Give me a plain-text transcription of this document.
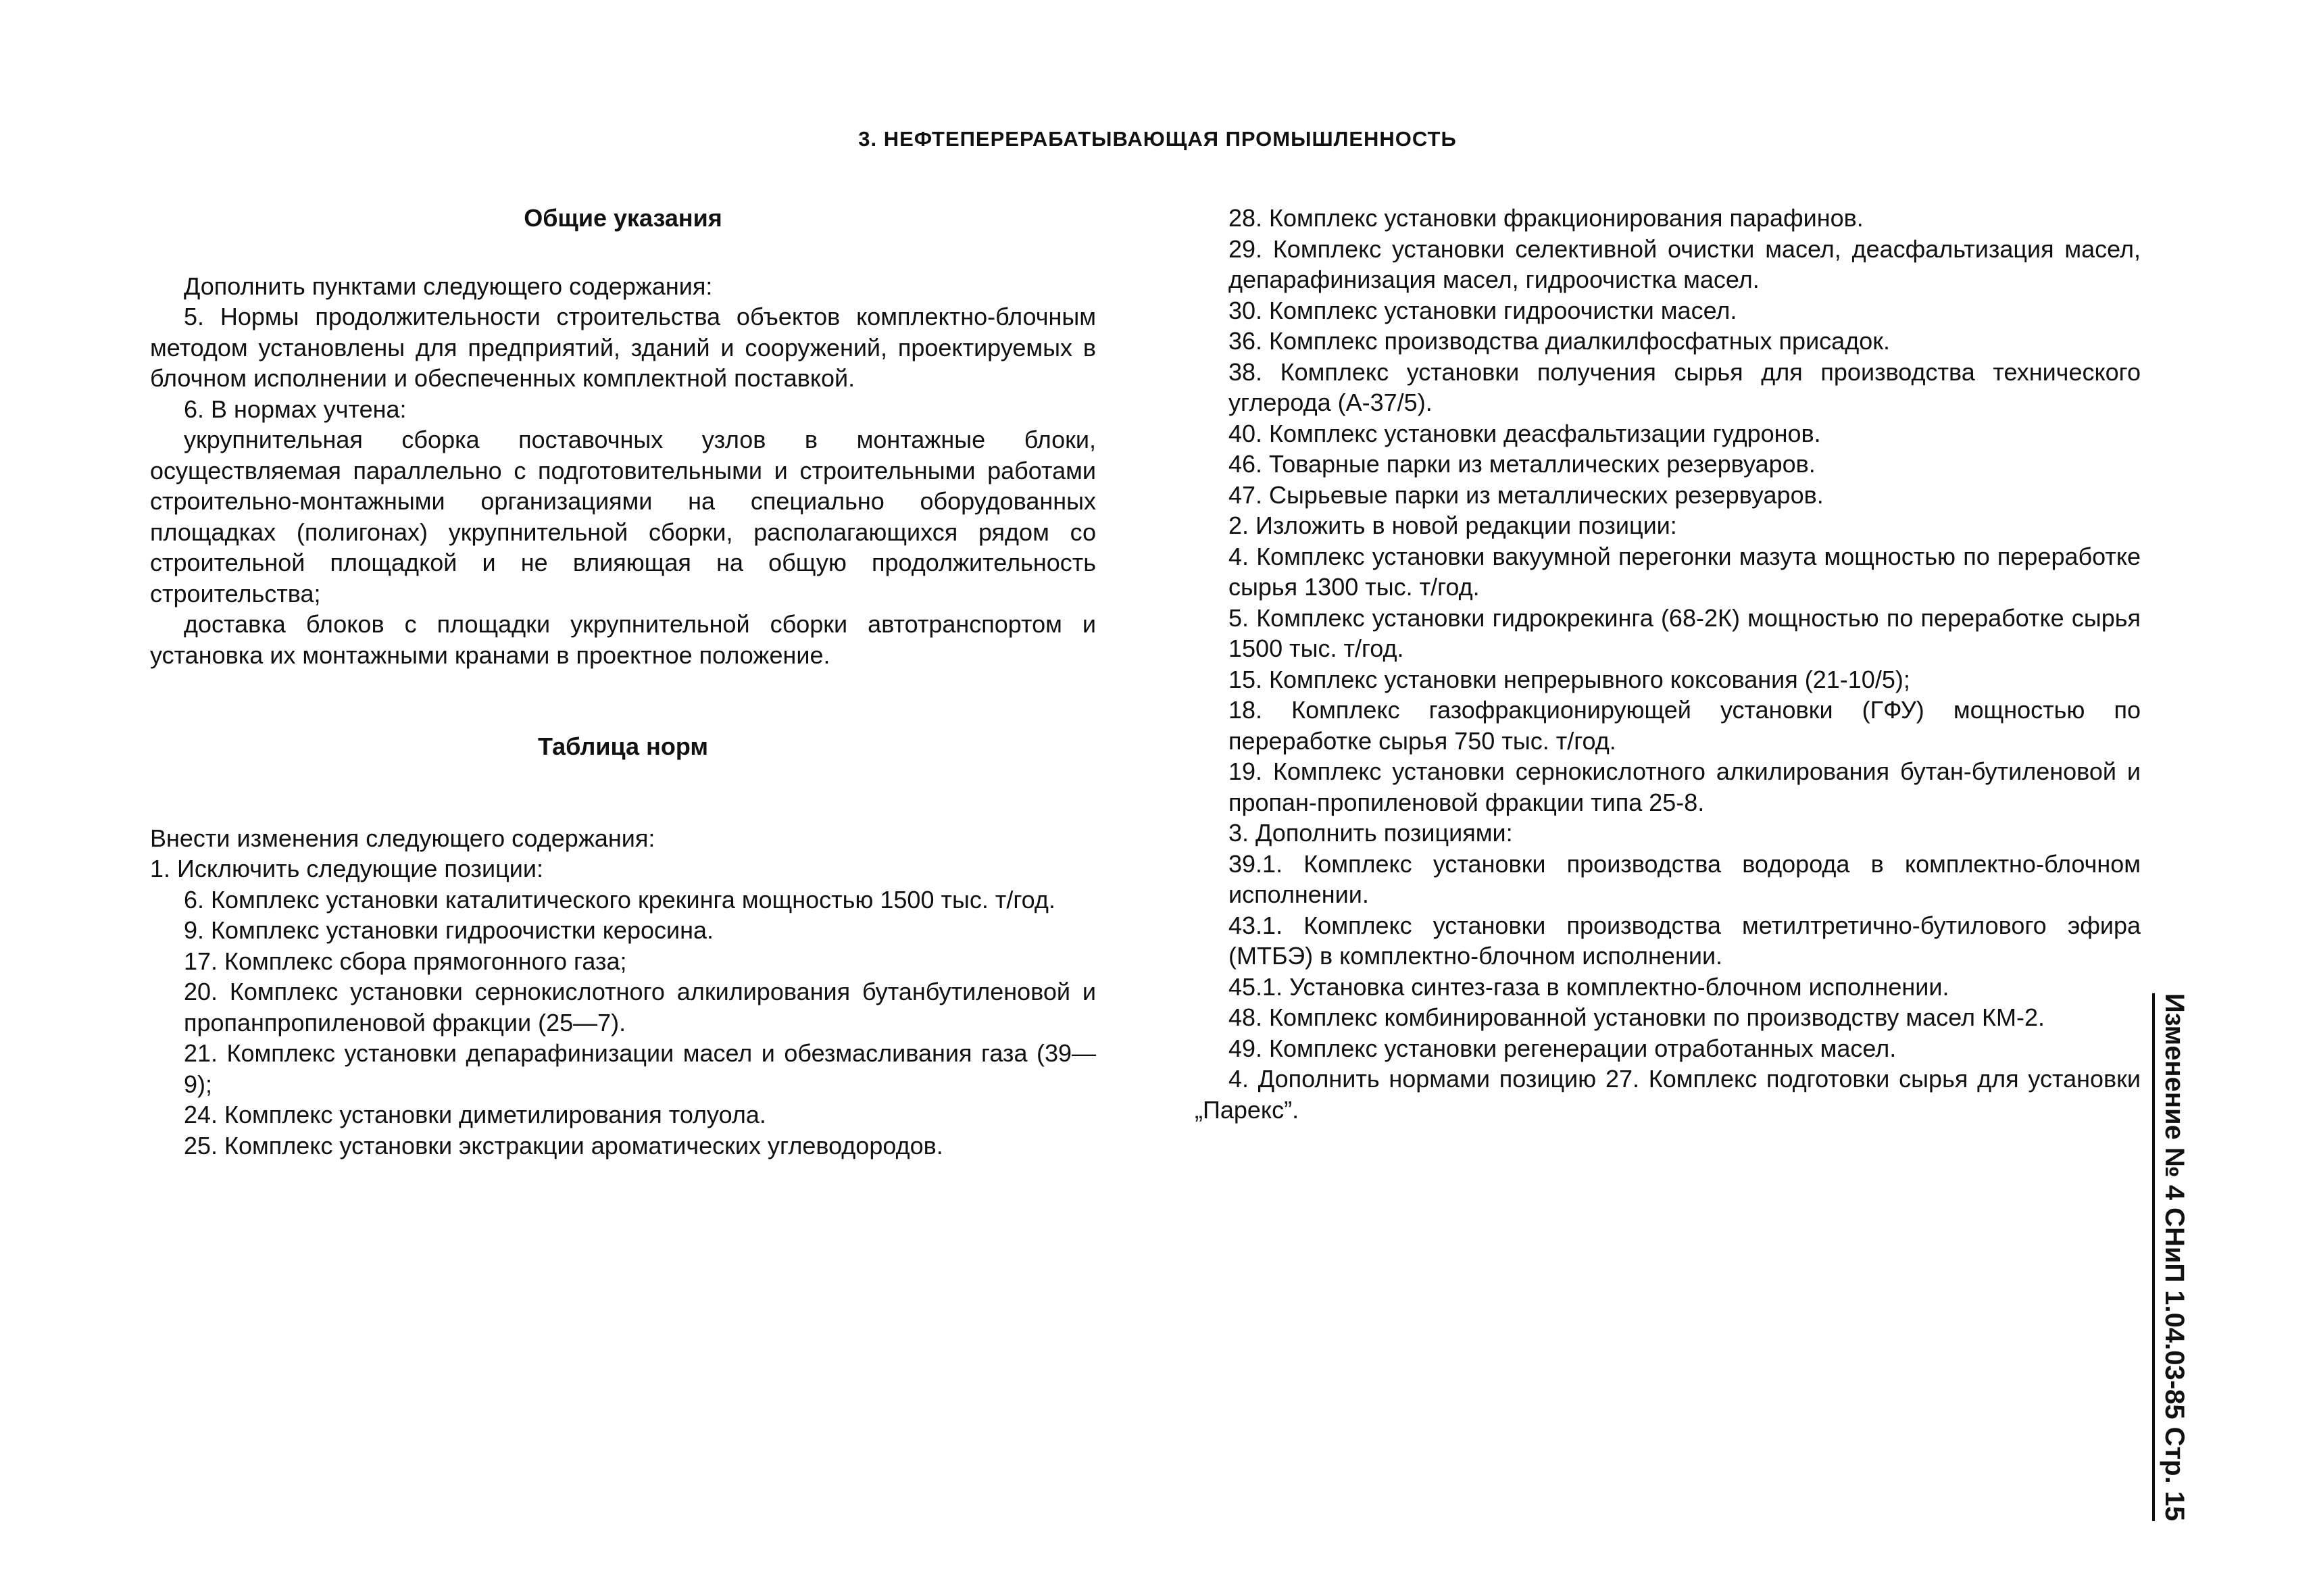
3. НЕФТЕПЕРЕРАБАТЫВАЮЩАЯ ПРОМЫШЛЕННОСТЬ

Общие указания

Дополнить пунктами следующего содержания:

5. Нормы продолжительности строительства объектов комплектно-блочным методом установлены для предприятий, зданий и сооружений, проектируемых в блочном исполнении и обеспеченных комплектной поставкой.

6. В нормах учтена:

укрупнительная сборка поставочных узлов в монтажные блоки, осуществляемая параллельно с подготовительными и строительными работами строительно-монтажными организациями на специально оборудованных площадках (полигонах) укрупнительной сборки, располагающихся рядом со строительной площадкой и не влияющая на общую продолжительность строительства;

доставка блоков с площадки укрупнительной сборки автотранспортом и установка их монтажными кранами в проектное положение.

Таблица норм

Внести изменения следующего содержания:

1. Исключить следующие позиции:

6. Комплекс установки каталитического крекинга мощностью 1500 тыс. т/год.

9. Комплекс установки гидроочистки керосина.

17. Комплекс сбора прямогонного газа;

20. Комплекс установки сернокислотного алкилирования бутанбутиленовой и пропанпропиленовой фракции (25—7).

21. Комплекс установки депарафинизации масел и обезмасливания газа (39—9);

24. Комплекс установки диметилирования толуола.

25. Комплекс установки экстракции ароматических углеводородов.

28. Комплекс установки фракционирования парафинов.

29. Комплекс установки селективной очистки масел, деасфальтизация масел, депарафинизация масел, гидроочистка масел.

30. Комплекс установки гидроочистки масел.

36. Комплекс производства диалкилфосфатных присадок.

38. Комплекс установки получения сырья для производства технического углерода (А-37/5).

40. Комплекс установки деасфальтизации гудронов.

46. Товарные парки из металлических резервуаров.

47. Сырьевые парки из металлических резервуаров.

2. Изложить в новой редакции позиции:

4. Комплекс установки вакуумной перегонки мазута мощностью по переработке сырья 1300 тыс. т/год.

5. Комплекс установки гидрокрекинга (68-2К) мощностью по переработке сырья 1500 тыс. т/год.

15. Комплекс установки непрерывного коксования (21-10/5);

18. Комплекс газофракционирующей установки (ГФУ) мощностью по переработке сырья 750 тыс. т/год.

19. Комплекс установки сернокислотного алкилирования бутан-бутиленовой и пропан-пропиленовой фракции типа 25-8.

3. Дополнить позициями:

39.1. Комплекс установки производства водорода в комплектно-блочном исполнении.

43.1. Комплекс установки производства метилтретично-бутилового эфира (МТБЭ) в комплектно-блочном исполнении.

45.1. Установка синтез-газа в комплектно-блочном исполнении.

48. Комплекс комбинированной установки по производству масел КМ-2.

49. Комплекс установки регенерации отработанных масел.

4. Дополнить нормами позицию 27. Комплекс подготовки сырья для установки „Парекс”.	Изменение № 4 СНиП 1.04.03-85 Стр. 15
